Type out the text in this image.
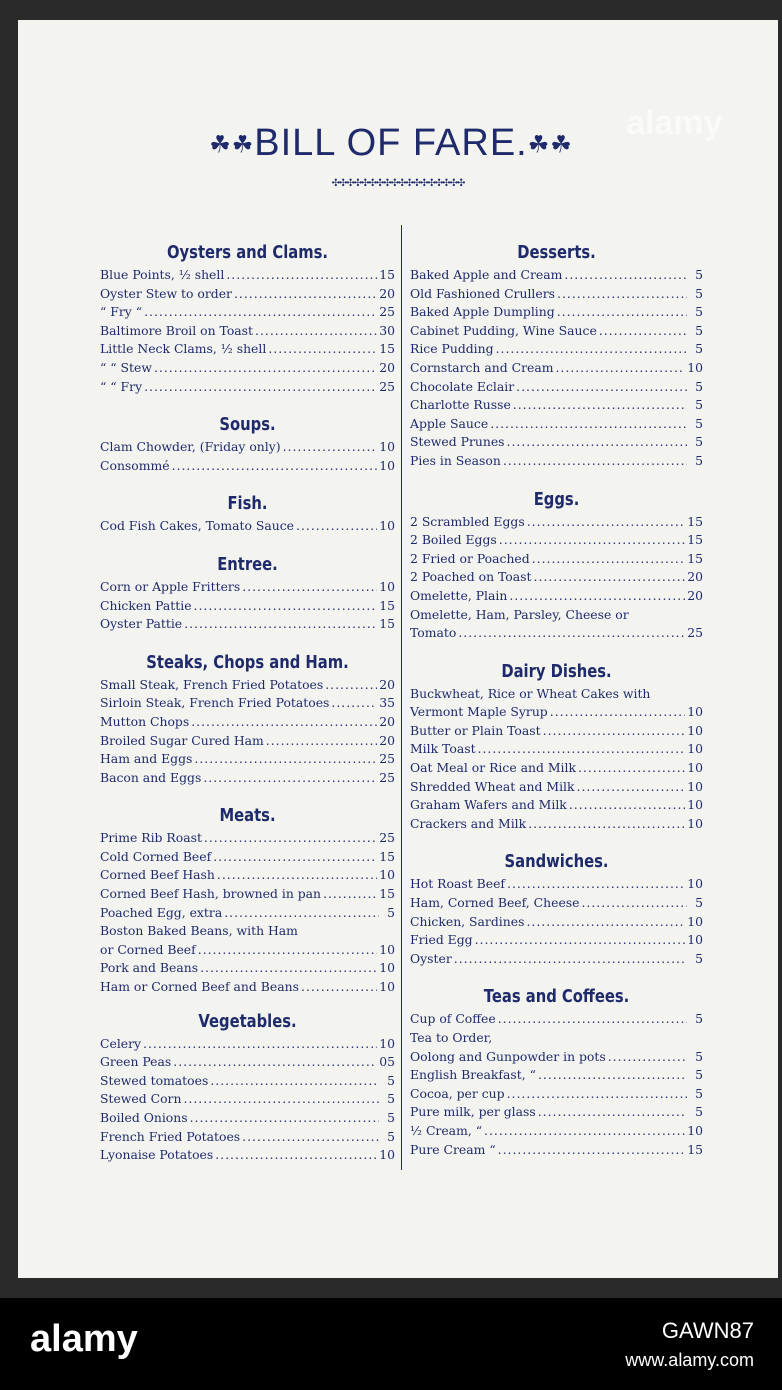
☘☘BILL OF FARE.☘☘
✣✣✣✣✣✣✣✣✣✣✣✣✣✣✣✣✣✣
Oysters and Clams.
Blue Points, ½ shell .....	15
Oyster Stew to order .....	20
“ Fry “ .....	25
Baltimore Broil on Toast .....	30
Little Neck Clams, ½ shell .....	15
“ “ Stew .....	20
“ “ Fry .....	25
Soups.
Clam Chowder, (Friday only) .....	10
Consommé .....	10
Fish.
Cod Fish Cakes, Tomato Sauce .....	10
Entree.
Corn or Apple Fritters .....	10
Chicken Pattie .....	15
Oyster Pattie .....	15
Steaks, Chops and Ham.
Small Steak, French Fried Potatoes .....	20
Sirloin Steak, French Fried Potatoes .....	35
Mutton Chops .....	20
Broiled Sugar Cured Ham .....	20
Ham and Eggs .....	25
Bacon and Eggs .....	25
Meats.
Prime Rib Roast .....	25
Cold Corned Beef .....	15
Corned Beef Hash .....	10
Corned Beef Hash, browned in pan .....	15
Poached Egg, extra .....	5
Boston Baked Beans, with Ham
or Corned Beef .....	10
Pork and Beans .....	10
Ham or Corned Beef and Beans .....	10
Vegetables.
Celery .....	10
Green Peas .....	05
Stewed tomatoes .....	5
Stewed Corn .....	5
Boiled Onions .....	5
French Fried Potatoes .....	5
Lyonaise Potatoes .....	10
Desserts.
Baked Apple and Cream .....	5
Old Fashioned Crullers .....	5
Baked Apple Dumpling .....	5
Cabinet Pudding, Wine Sauce .....	5
Rice Pudding .....	5
Cornstarch and Cream .....	10
Chocolate Eclair .....	5
Charlotte Russe .....	5
Apple Sauce .....	5
Stewed Prunes .....	5
Pies in Season .....	5
Eggs.
2 Scrambled Eggs .....	15
2 Boiled Eggs .....	15
2 Fried or Poached .....	15
2 Poached on Toast .....	20
Omelette, Plain .....	20
Omelette, Ham, Parsley, Cheese or
Tomato .....	25
Dairy Dishes.
Buckwheat, Rice or Wheat Cakes with
Vermont Maple Syrup .....	10
Butter or Plain Toast .....	10
Milk Toast .....	10
Oat Meal or Rice and Milk .....	10
Shredded Wheat and Milk .....	10
Graham Wafers and Milk .....	10
Crackers and Milk .....	10
Sandwiches.
Hot Roast Beef .....	10
Ham, Corned Beef, Cheese .....	5
Chicken, Sardines .....	10
Fried Egg .....	10
Oyster .....	5
Teas and Coffees.
Cup of Coffee .....	5
Tea to Order,
Oolong and Gunpowder in pots .....	5
English Breakfast, “ .....	5
Cocoa, per cup .....	5
Pure milk, per glass .....	5
½ Cream, “ .....	10
Pure Cream “ .....	15
alamy
alamy	GAWN87
www.alamy.com
